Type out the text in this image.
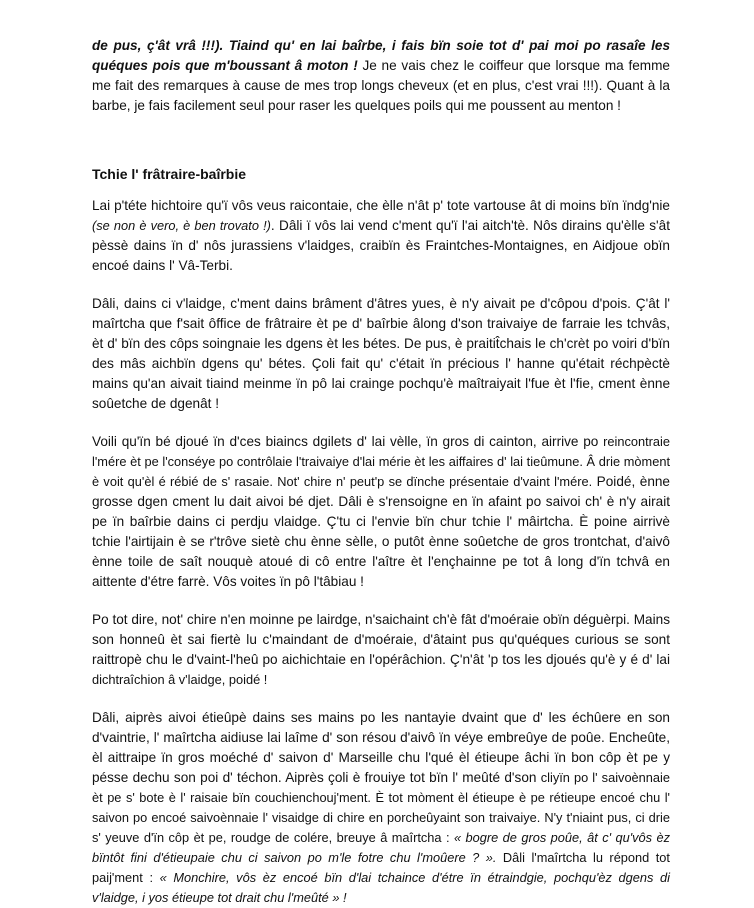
de pus, ç'ât vrâ !!!). Tiaind qu' en lai baîrbe, i fais bïn soie tot d' pai moi po rasaîe les quéques pois que m'boussant â moton ! Je ne vais chez le coiffeur que lorsque ma femme me fait des remarques à cause de mes trop longs cheveux (et en plus, c'est vrai !!!). Quant à la barbe, je fais facilement seul pour raser les quelques poils qui me poussent au menton !

Tchie l' frâtraire-baîrbie

Lai p'téte hichtoire qu'ï vôs veus raicontaie, che èlle n'ât p' tote vartouse ât di moins bïn ïndg'nie (se non è vero, è ben trovato !). Dâli ï vôs lai vend c'ment qu'ï l'ai aitch'tè. Nôs dirains qu'èlle s'ât pèssè dains ïn d' nôs jurassiens v'laidges, craibïn ès Fraintches-Montaignes, en Aidjoue obïn encoé dains l' Vâ-Terbi.

Dâli, dains ci v'laidge, c'ment dains brâment d'âtres yues, è n'y aivait pe d'côpou d'pois. Ç'ât l' maîrtcha que f'sait ôffice de frâtraire èt pe d' baîrbie âlong d'son traivaiye de farraie les tchvâs, èt d' bïn des côps soingnaie les dgens èt les bétes. De pus, è praitit̂chais le ch'crèt po voiri d'bïn des mâs aichbïn dgens qu' bétes. Çoli fait qu' c'était ïn précious l' hanne qu'était réchpèctè mains qu'an aivait tiaind meinme ïn pô lai crainge pochqu'è maîtraiyait l'fue èt l'fie, cment ènne soûetche de dgenât !

Voili qu'ïn bé djoué ïn d'ces biaincs dgilets d' lai vèlle, ïn gros di cainton, airrive po reincontraie l'mére èt pe l'conséye po contrôlaie l'traivaiye d'lai mérie èt les aiffaires d' lai tieûmune. Â drie mòment è voit qu'èl é rébié de s' rasaie. Not' chire n' peut'p se dïnche présentaie d'vaint l'mére. Poidé, ènne grosse dgen cment lu dait aivoi bé djet. Dâli è s'rensoigne en ïn afaint po saivoi ch' è n'y airait pe ïn baîrbie dains ci perdju vlaidge. Ç'tu ci l'envie bïn chur tchie l' mâirtcha. È poine airrivè tchie l'airtijain è se r'trôve sietè chu ènne sèlle, o putôt ènne soûetche de gros trontchat, d'aivô ènne toile de saît nouquè atoué di cô entre l'aître èt l'ençhainne pe tot â long d'ïn tchvâ en aittente d'étre farrè. Vôs voites ïn pô l'tâbiau !

Po tot dire, not' chire n'en moinne pe lairdge, n'saichaint ch'è fât d'moéraie obïn déguèrpi. Mains son honneû èt sai fiertè lu c'maindant de d'moéraie, d'âtaint pus qu'quéques curious se sont raittropè chu le d'vaint-l'heû po aichichtaie en l'opérâchion. Ç'n'ât 'p tos les djoués qu'è y é d' lai dichtraîchion â v'laidge, poidé !

Dâli, aiprès aivoi étieûpè dains ses mains po les nantayie dvaint que d' les échûere en son d'vaintrie, l' maîrtcha aidiuse lai laîme d' son résou d'aivô ïn véye embreûye de poûe. Encheûte, èl aittraipe ïn gros moéché d' saivon d' Marseille chu l'qué èl étieupe âchi ïn bon côp èt pe y pésse dechu son poi d' téchon. Aiprès çoli è frouiye tot bïn l' meûté d'son cliyïn po l' saivoènnaie èt pe s' bote è l' raisaie bïn couchienchouj'ment. È tot mòment èl étieupe è pe rétieupe encoé chu l' saivon po encoé saivoènnaie l' visaidge di chire en porcheûyaint son traivaiye. N'y t'niaint pus, ci drie s' yeuve d'ïn côp èt pe, roudge de colére, breuye â maîrtcha : « bogre de gros poûe, ât c' qu'vôs èz bïntôt fini d'étieupaie chu ci saivon po m'le fotre chu l'moûere ? ». Dâli l'maîrtcha lu répond tot paij'ment : « Monchire, vôs èz encoé bïn d'lai tchaince d'étre ïn étraindgie, pochqu'èz dgens di v'laidge, i yos étieupe tot drait chu l'meûté » !
